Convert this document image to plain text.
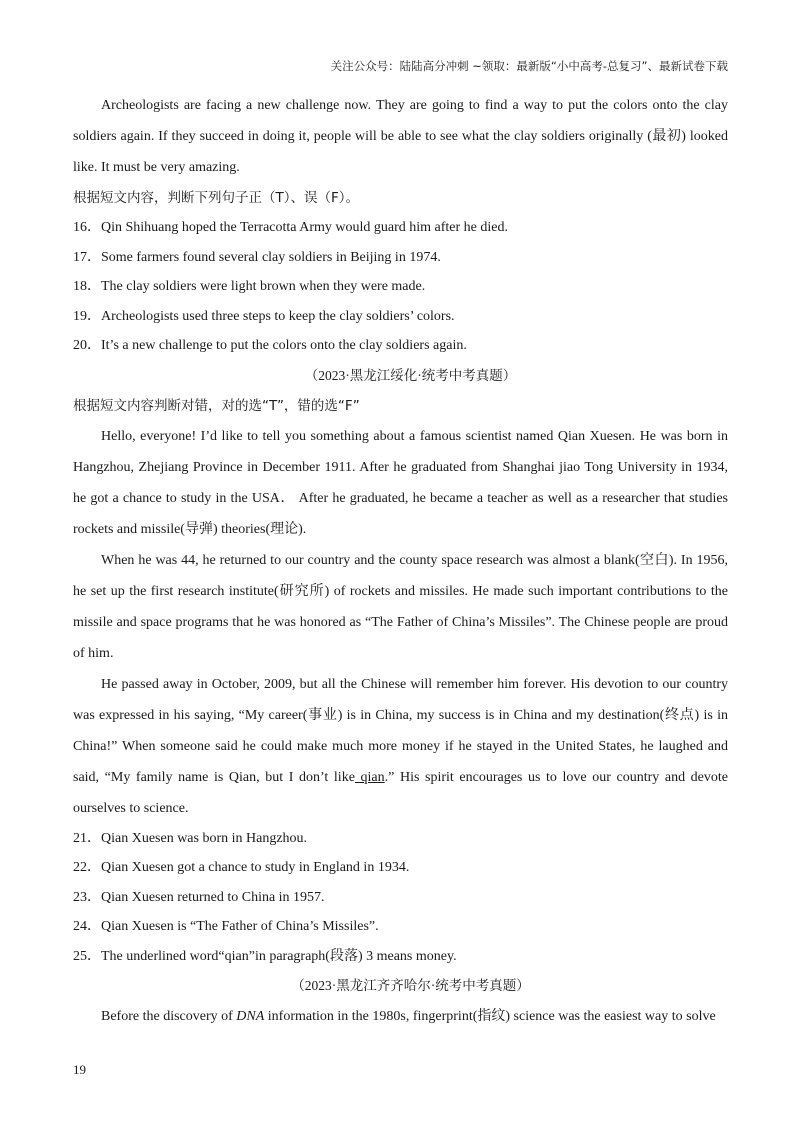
关注公众号：陆陆高分冲刺 ~领取：最新版“小中高考-总复习”、最新试卷下载

Archeologists are facing a new challenge now. They are going to find a way to put the colors onto the clay soldiers again. If they succeed in doing it, people will be able to see what the clay soldiers originally (最初) looked like. It must be very amazing.

根据短文内容，判断下列句子正（T）、误（F）。

16．Qin Shihuang hoped the Terracotta Army would guard him after he died.

17．Some farmers found several clay soldiers in Beijing in 1974.

18．The clay soldiers were light brown when they were made.

19．Archeologists used three steps to keep the clay soldiers’ colors.

20．It’s a new challenge to put the colors onto the clay soldiers again.

（2023·黑龙江绥化·统考中考真题）

根据短文内容判断对错，对的选“T”，错的选“F”

Hello, everyone! I’d like to tell you something about a famous scientist named Qian Xuesen. He was born in Hangzhou, Zhejiang Province in December 1911. After he graduated from Shanghai jiao Tong University in 1934, he got a chance to study in the USA． After he graduated, he became a teacher as well as a researcher that studies rockets and missile(导弹) theories(理论).

When he was 44, he returned to our country and the county space research was almost a blank(空白). In 1956, he set up the first research institute(研究所) of rockets and missiles. He made such important contributions to the missile and space programs that he was honored as “The Father of China’s Missiles”. The Chinese people are proud of him.

He passed away in October, 2009, but all the Chinese will remember him forever. His devotion to our country was expressed in his saying, “My career(事业) is in China, my success is in China and my destination(终点) is in China!” When someone said he could make much more money if he stayed in the United States, he laughed and said, “My family name is Qian, but I don’t like qian.” His spirit encourages us to love our country and devote ourselves to science.

21．Qian Xuesen was born in Hangzhou.

22．Qian Xuesen got a chance to study in England in 1934.

23．Qian Xuesen returned to China in 1957.

24．Qian Xuesen is “The Father of China’s Missiles”.

25．The underlined word“qian”in paragraph(段落) 3 means money.

（2023·黑龙江齐齐哈尔·统考中考真题）

Before the discovery of DNA information in the 1980s, fingerprint(指纹) science was the easiest way to solve

19
